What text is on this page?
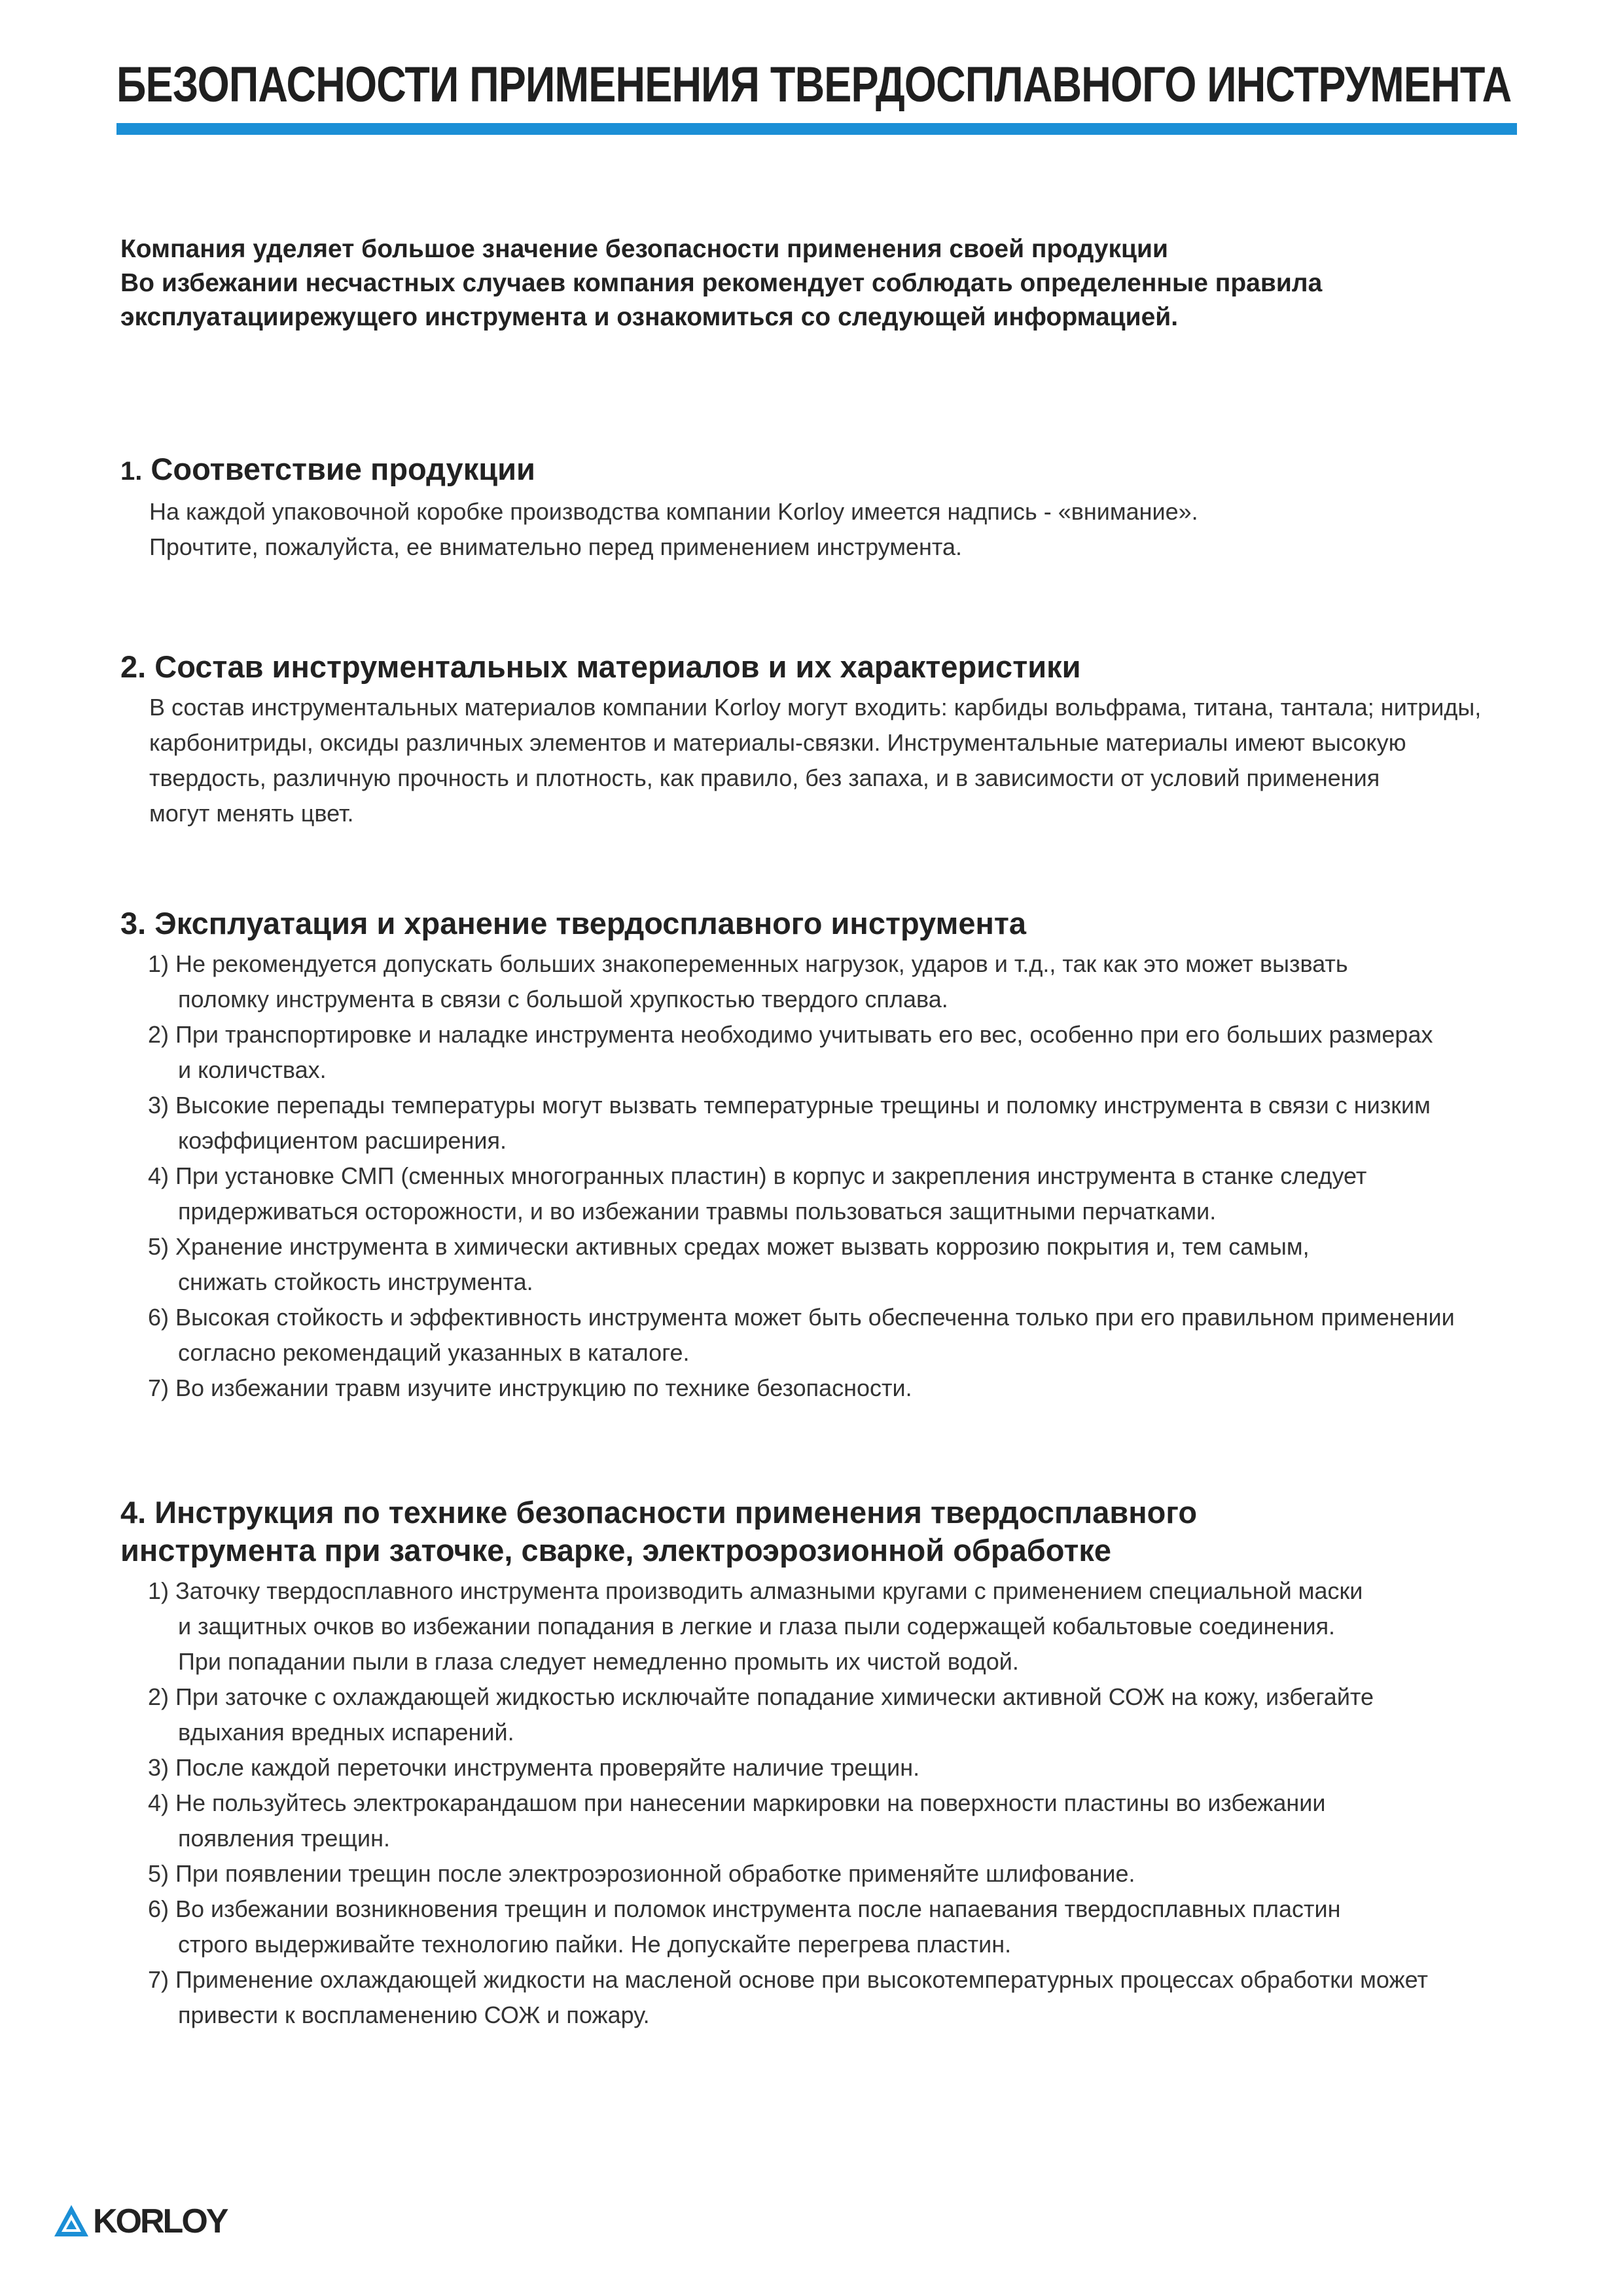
БЕЗОПАСНОСТИ ПРИМЕНЕНИЯ ТВЕРДОСПЛАВНОГО ИНСТРУМЕНТА

Компания уделяет большое значение безопасности применения своей продукции

Во избежании несчастных случаев компания рекомендует соблюдать определенные правила

эксплуатациирежущего инструмента и ознакомиться со следующей информацией.

1. Соответствие продукции

На каждой упаковочной коробке производства компании Korloy имеется надпись - «внимание».

Прочтите, пожалуйста, ее внимательно перед применением инструмента.

2. Состав инструментальных материалов и их характеристики

В состав инструментальных материалов компании Korloy могут входить: карбиды вольфрама, титана, тантала; нитриды,

карбонитриды, оксиды различных элементов и материалы-связки. Инструментальные материалы имеют высокую

твердость, различную прочность и плотность, как правило, без запаха, и в зависимости от условий применения

могут менять цвет.

3. Эксплуатация и хранение твердосплавного инструмента
1) Не рекомендуется допускать больших знакопеременных нагрузок, ударов и т.д., так как это может вызвать
поломку инструмента в связи с большой хрупкостью твердого сплава.
2) При транспортировке и наладке инструмента необходимо учитывать его вес, особенно при его больших размерах
и количствах.
3) Высокие перепады температуры могут вызвать температурные трещины и поломку инструмента в связи с низким
коэффициентом расширения.
4) При установке СМП (сменных многогранных пластин) в корпус и закрепления инструмента в станке следует
придерживаться осторожности, и во избежании травмы пользоваться защитными перчатками.
5) Хранение инструмента в химически активных средах может вызвать коррозию покрытия и, тем самым,
снижать стойкость инструмента.
6) Высокая стойкость и эффективность инструмента может быть обеспеченна только при его правильном применении
согласно рекомендаций указанных в каталоге.
7) Во избежании травм изучите инструкцию по технике безопасности.
4. Инструкция по технике безопасности применения твердосплавного
инструмента при заточке, сварке, электроэрозионной обработке
1) Заточку твердосплавного инструмента производить алмазными кругами с применением специальной маски
и защитных очков во избежании попадания в легкие и глаза пыли содержащей кобальтовые соединения.
При попадании пыли в глаза следует немедленно промыть их чистой водой.
2) При заточке с охлаждающей жидкостью исключайте попадание химически активной СОЖ на кожу, избегайте
вдыхания вредных испарений.
3) После каждой переточки инструмента проверяйте наличие трещин.
4) Не пользуйтесь электрокарандашом при нанесении маркировки на поверхности пластины во избежании
появления трещин.
5) При появлении трещин после электроэрозионной обработке применяйте шлифование.
6) Во избежании возникновения трещин и поломок инструмента после напаевания твердосплавных пластин
строго выдерживайте технологию пайки. Не допускайте перегрева пластин.
7) Применение охлаждающей жидкости на масленой основе при высокотемпературных процессах обработки может
привести к воспламенению СОЖ и пожару.
KORLOY
